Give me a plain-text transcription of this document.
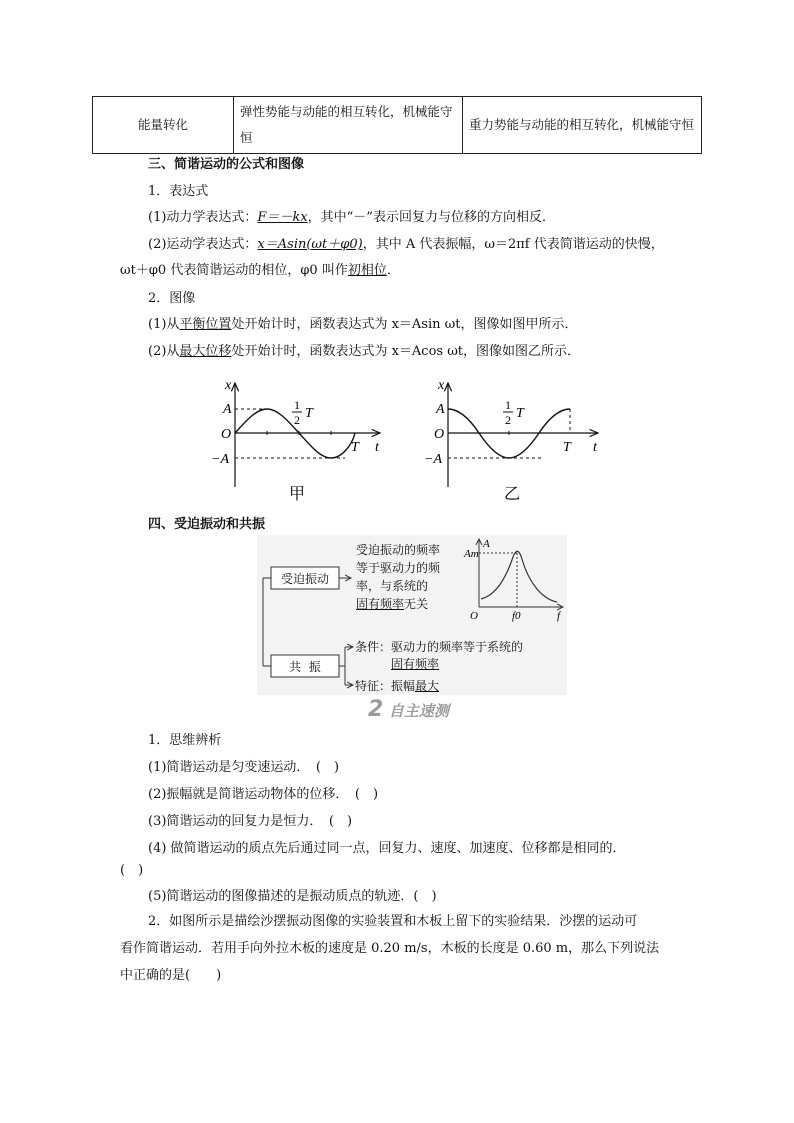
能量转化	弹性势能与动能的相互转化，机械能守恒	重力势能与动能的相互转化，机械能守恒
三、简谐运动的公式和图像
1．表达式
(1)动力学表达式：F＝－kx，其中“－”表示回复力与位移的方向相反．
(2)运动学表达式：x＝Asin(ωt＋φ0)，其中 A 代表振幅，ω＝2πf 代表简谐运动的快慢，
ωt＋φ0 代表简谐运动的相位，φ0 叫作初相位．
2．图像
(1)从平衡位置处开始计时，函数表达式为 x＝Asin ωt，图像如图甲所示．
(2)从最大位移处开始计时，函数表达式为 x＝Acos ωt，图像如图乙所示．
x
A
O
−A
1
2 T
T t
甲
x
A
O
−A
1
2 T
T t
乙
四、受迫振动和共振
A
Am
O	f0	f
受迫振动
共  振
受迫振动的频率
等于驱动力的频
率，与系统的
固有频率无关
条件：驱动力的频率等于系统的
固有频率
特征：振幅最大
2 自主速测
1．思维辨析
(1)简谐运动是匀变速运动．　(　)
(2)振幅就是简谐运动物体的位移．　(　)
(3)简谐运动的回复力是恒力．　(　)
(4) 做简谐运动的质点先后通过同一点，回复力、速度、加速度、位移都是相同的．
(　)
(5)简谐运动的图像描述的是振动质点的轨迹．(　)
2．如图所示是描绘沙摆振动图像的实验装置和木板上留下的实验结果．沙摆的运动可
看作简谐运动．若用手向外拉木板的速度是 0.20 m/s，木板的长度是 0.60 m，那么下列说法
中正确的是(　　)
